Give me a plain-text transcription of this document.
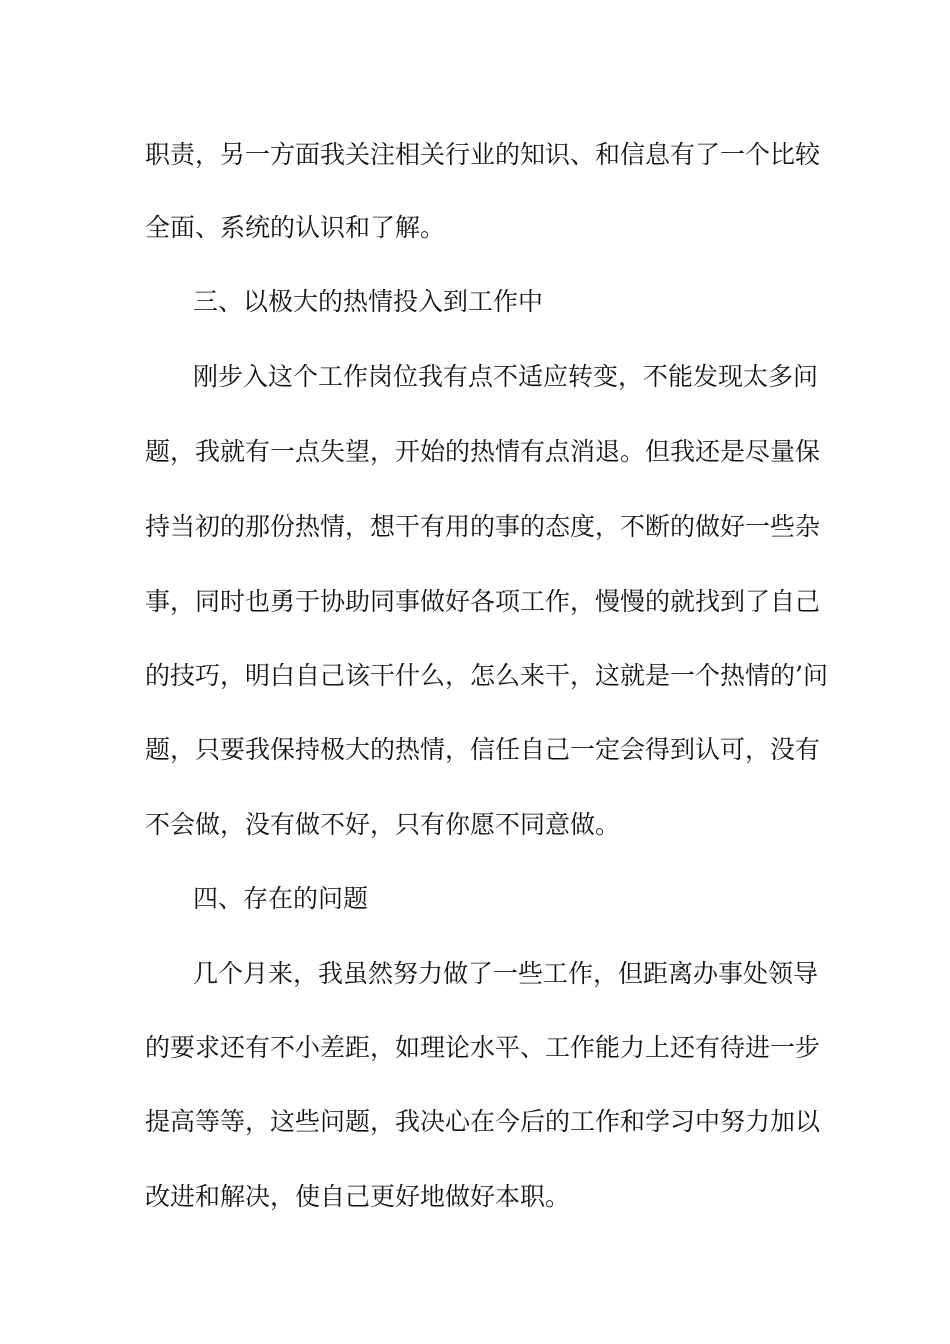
职责，另一方面我关注相关行业的知识、和信息有了一个比较
全面、系统的认识和了解。
三、以极大的热情投入到工作中
刚步入这个工作岗位我有点不适应转变，不能发现太多问
题，我就有一点失望，开始的热情有点消退。但我还是尽量保
持当初的那份热情，想干有用的事的态度，不断的做好一些杂
事，同时也勇于协助同事做好各项工作，慢慢的就找到了自己
的技巧，明白自己该干什么，怎么来干，这就是一个热情的’问
题，只要我保持极大的热情，信任自己一定会得到认可，没有
不会做，没有做不好，只有你愿不同意做。
四、存在的问题
几个月来，我虽然努力做了一些工作，但距离办事处领导
的要求还有不小差距，如理论水平、工作能力上还有待进一步
提高等等，这些问题，我决心在今后的工作和学习中努力加以
改进和解决，使自己更好地做好本职。
